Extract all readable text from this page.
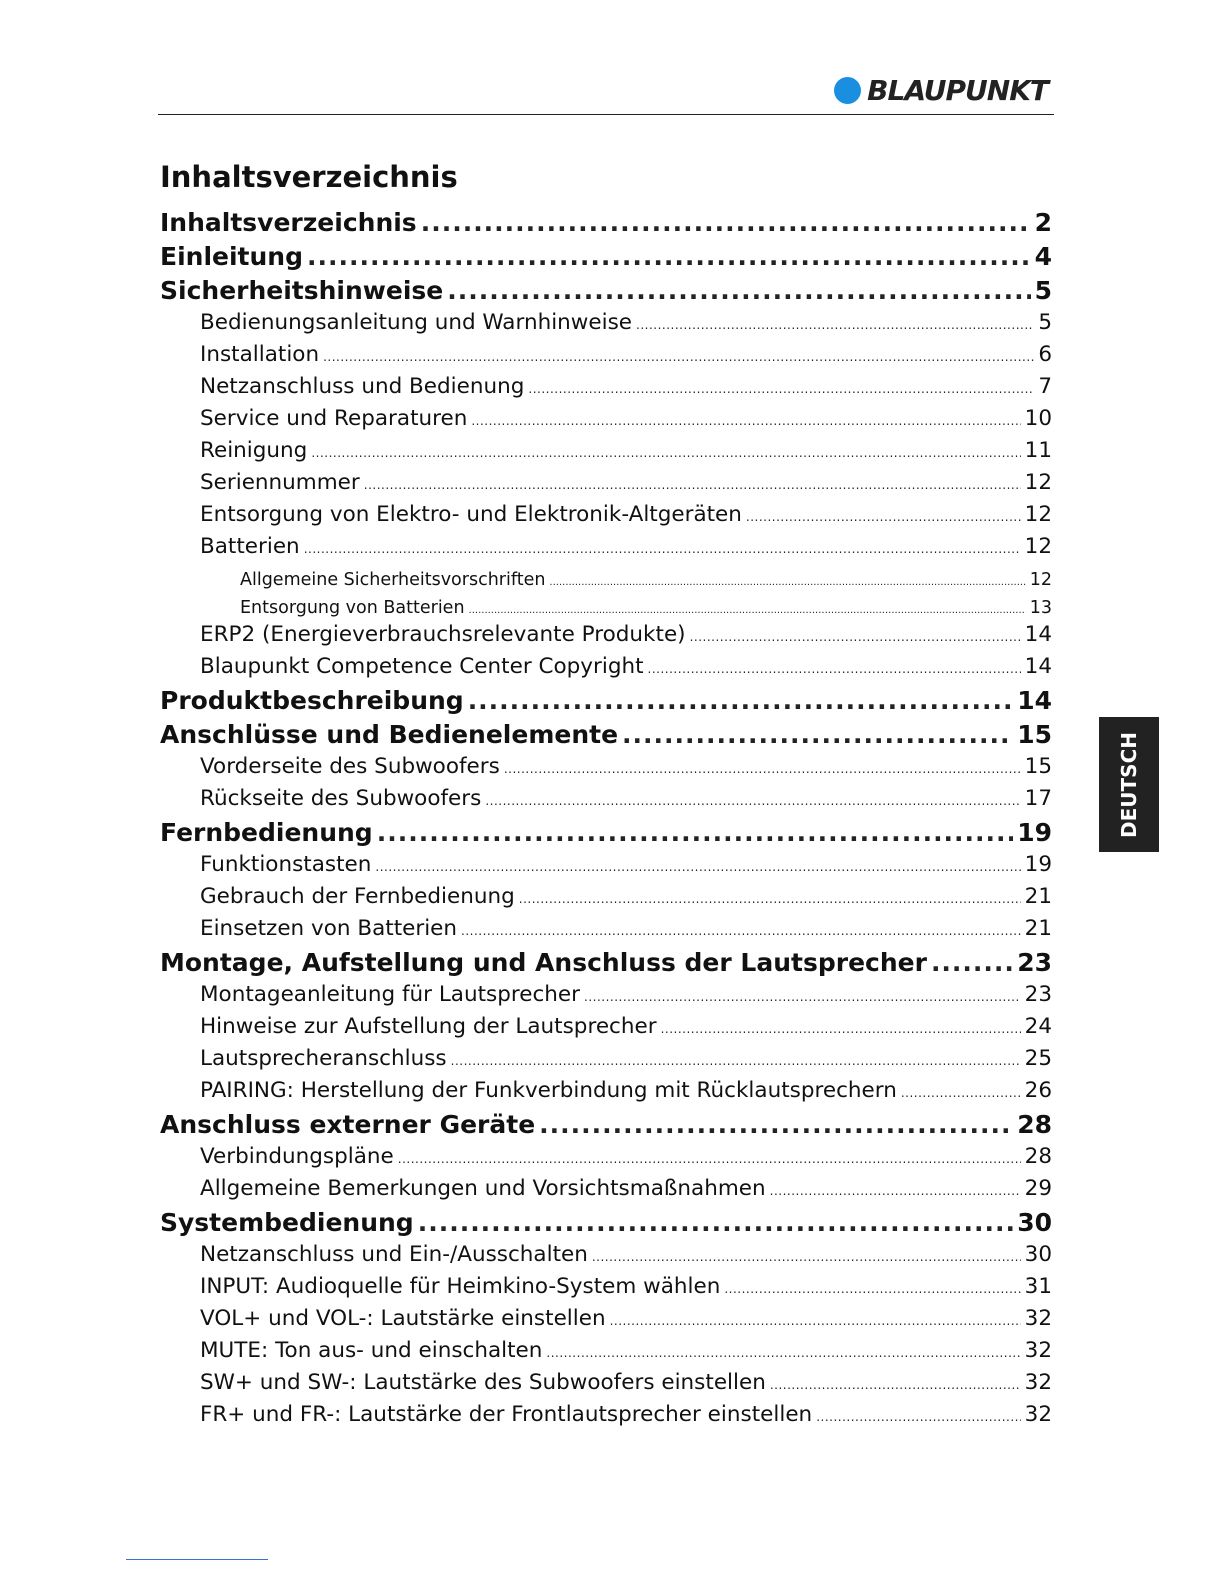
BLAUPUNKT
Inhaltsverzeichnis
Inhaltsverzeichnis .....	2
Einleitung .....	4
Sicherheitshinweise .....	5
Bedienungsanleitung und Warnhinweise .....	5
Installation .....	6
Netzanschluss und Bedienung .....	7
Service und Reparaturen .....	10
Reinigung .....	11
Seriennummer .....	12
Entsorgung von Elektro- und Elektronik-Altgeräten .....	12
Batterien .....	12
Allgemeine Sicherheitsvorschriften .....	12
Entsorgung von Batterien .....	13
ERP2 (Energieverbrauchsrelevante Produkte) .....	14
Blaupunkt Competence Center Copyright .....	14
Produktbeschreibung .....	14
Anschlüsse und Bedienelemente .....	15
Vorderseite des Subwoofers .....	15
Rückseite des Subwoofers .....	17
Fernbedienung .....	19
Funktionstasten .....	19
Gebrauch der Fernbedienung .....	21
Einsetzen von Batterien .....	21
Montage, Aufstellung und Anschluss der Lautsprecher .....	23
Montageanleitung für Lautsprecher .....	23
Hinweise zur Aufstellung der Lautsprecher .....	24
Lautsprecheranschluss .....	25
PAIRING: Herstellung der Funkverbindung mit Rücklautsprechern .....	26
Anschluss externer Geräte .....	28
Verbindungspläne .....	28
Allgemeine Bemerkungen und Vorsichtsmaßnahmen .....	29
Systembedienung .....	30
Netzanschluss und Ein-/Ausschalten .....	30
INPUT: Audioquelle für Heimkino-System wählen .....	31
VOL+ und VOL-: Lautstärke einstellen .....	32
MUTE: Ton aus- und einschalten .....	32
SW+ und SW-: Lautstärke des Subwoofers einstellen .....	32
FR+ und FR-: Lautstärke der Frontlautsprecher einstellen .....	32
DEUTSCH
